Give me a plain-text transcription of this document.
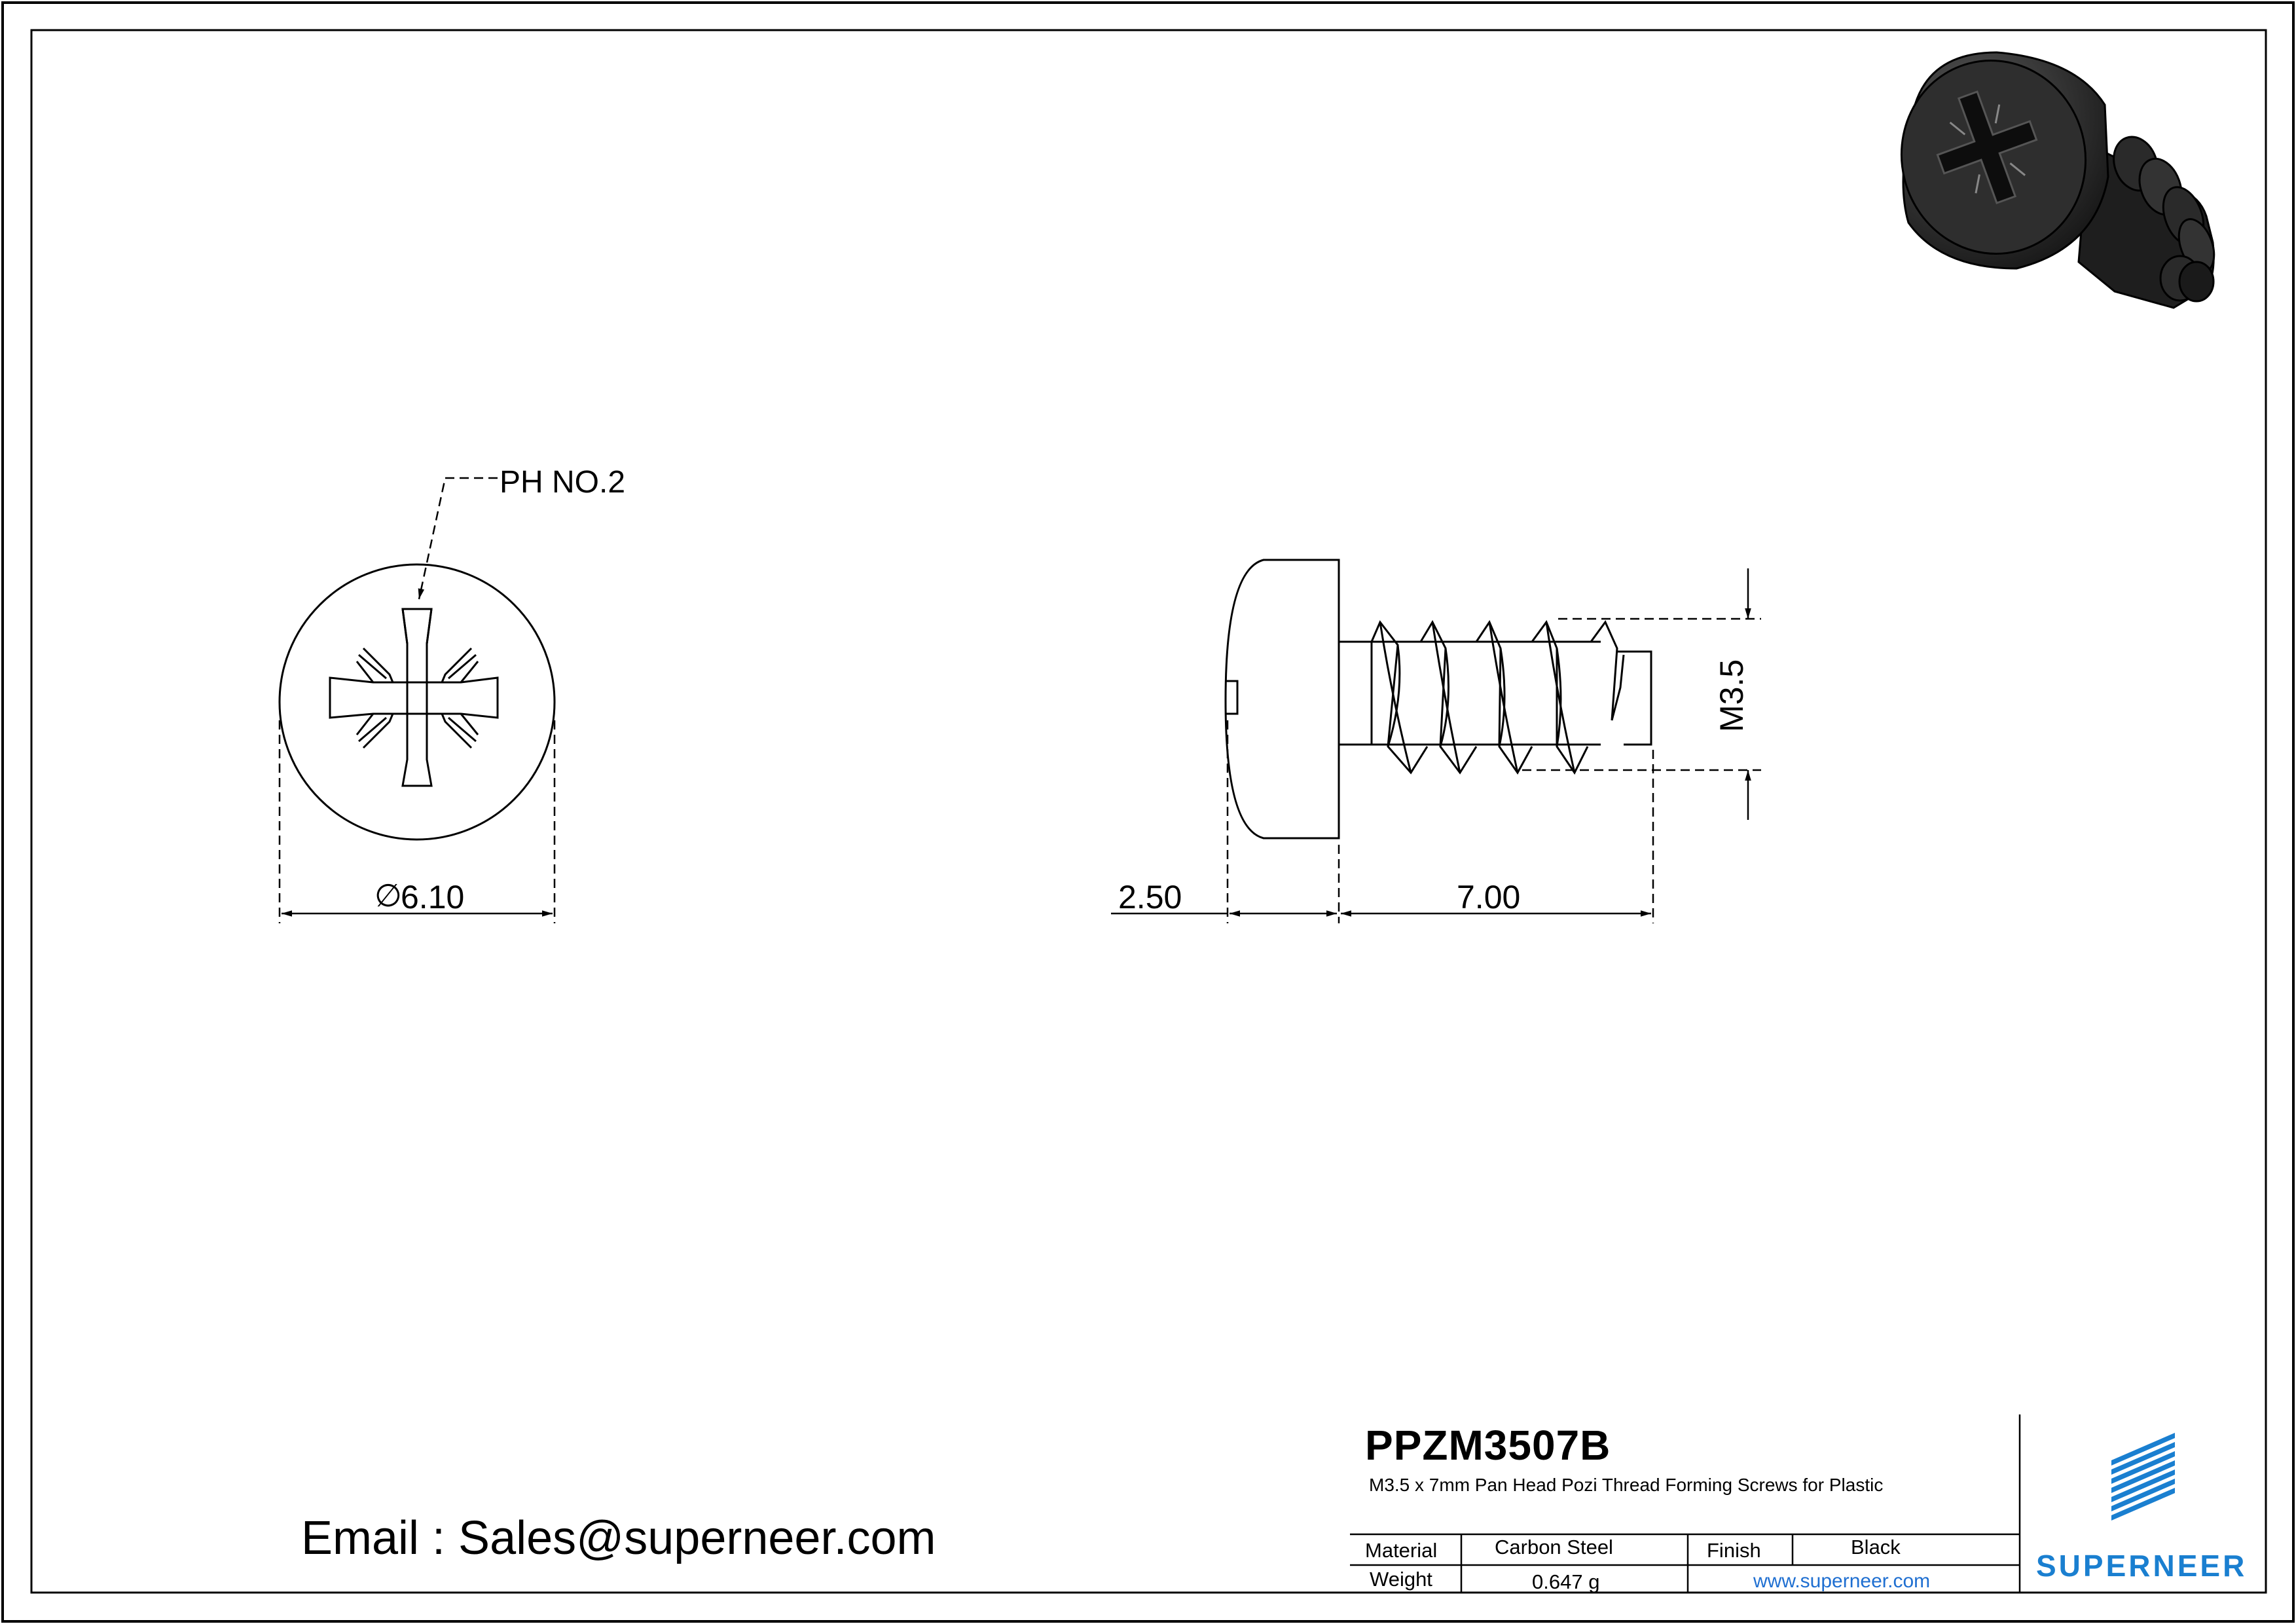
PH NO.2
∅
6.10
M3.5
2.50	7.00
PPZM3507B
M3.5 x 7mm Pan Head Pozi Thread Forming Screws for Plastic
Material	Carbon Steel	Finish	Black
Weight	0.647 g	www.superneer.com	SUPERNEER
Email : Sales@superneer.com
